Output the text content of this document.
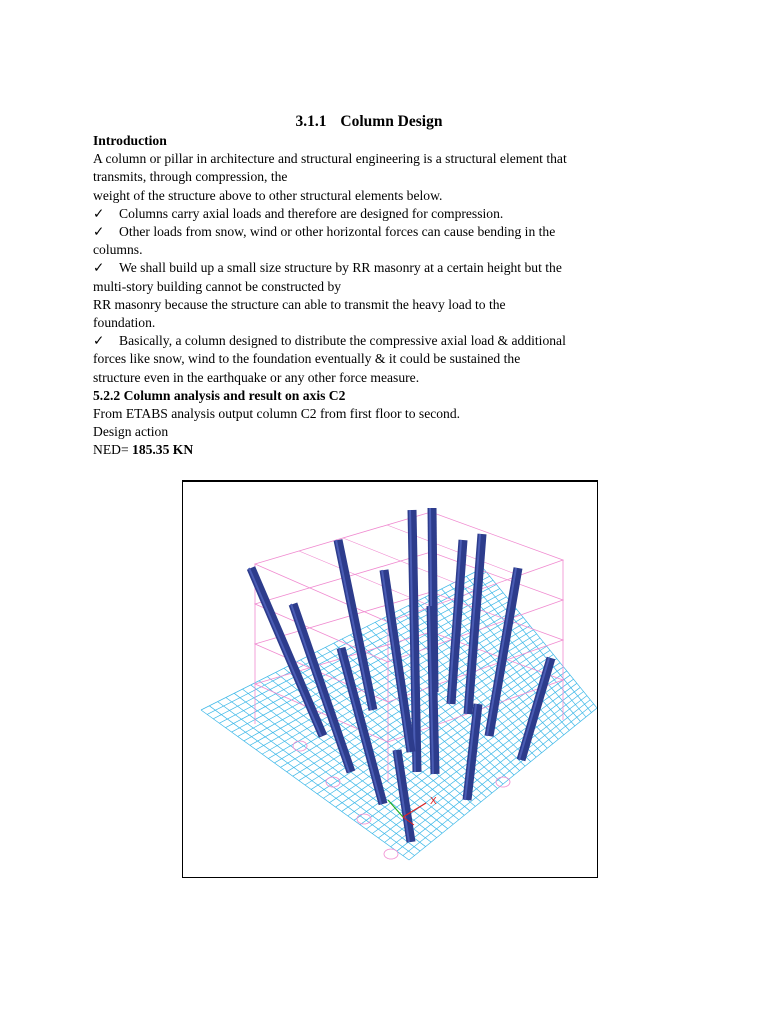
3.1.1 Column Design
Introduction
A column or pillar in architecture and structural engineering is a structural element that
transmits, through compression, the
weight of the structure above to other structural elements below.
✓ Columns carry axial loads and therefore are designed for compression.
✓ Other loads from snow, wind or other horizontal forces can cause bending in the
columns.
✓ We shall build up a small size structure by RR masonry at a certain height but the
multi-story building cannot be constructed by
RR masonry because the structure can able to transmit the heavy load to the
foundation.
✓ Basically, a column designed to distribute the compressive axial load & additional
forces like snow, wind to the foundation eventually & it could be sustained the
structure even in the earthquake or any other force measure.
5.2.2 Column analysis and result on axis C2
From ETABS analysis output column C2 from first floor to second.
Design action
NED= 185.35 KN
X
